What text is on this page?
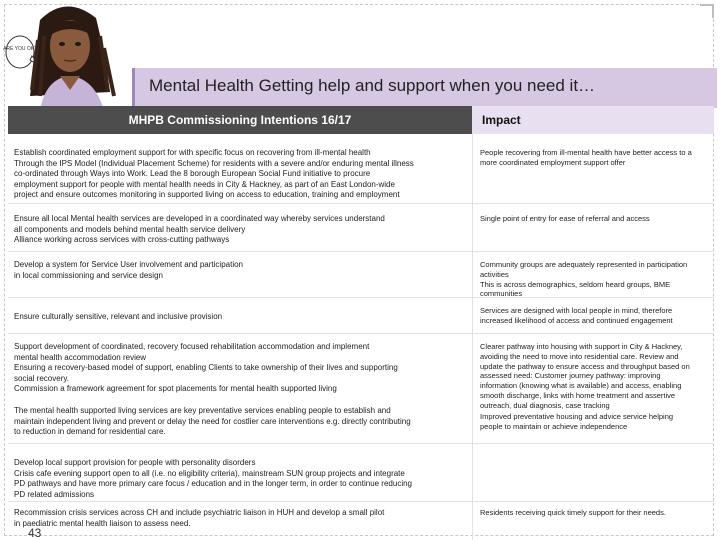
ARE YOU OK?
Mental Health Getting help and support when you need it…
MHPB Commissioning Intentions 16/17	Impact
Establish coordinated employment support for with specific focus on recovering from ill-mental health
Through the IPS Model (Individual Placement Scheme) for residents with a severe and/or enduring mental illness
co-ordinated through Ways into Work. Lead the 8 borough European Social Fund initiative to procure
employment support for people with mental health needs in City & Hackney, as part of an East London-wide
project and ensure outcomes monitoring in supported living on access to education, training and employment
People recovering from ill-mental health have better access to a
more coordinated employment support offer
Ensure all local Mental health services are developed in a coordinated way whereby services understand
all components and models behind mental health service delivery
Alliance working across services with cross-cutting pathways
Single point of entry for ease of referral and access
Develop a system for Service User involvement and participation
in local commissioning and service design
Community groups are adequately represented in participation
activities
This is across demographics, seldom heard groups, BME
communities
Ensure culturally sensitive, relevant and inclusive provision
Services are designed with local people in mind, therefore
increased likelihood of access and continued engagement
Support development of coordinated, recovery focused rehabilitation accommodation and implement
mental health accommodation review
Ensuring a recovery-based model of support, enabling Clients to take ownership of their lives and supporting
social recovery.
Commission a framework agreement for spot placements for mental health supported living
Clearer pathway into housing with support in City & Hackney,
avoiding the need to move into residential care. Review and
update the pathway to ensure access and throughput based on
assessed need: Customer journey pathway: improving
information (knowing what is available) and access, enabling
smooth discharge, links with home treatment and assertive
outreach, dual diagnosis, case tracking
The mental health supported living services are key preventative services enabling people to establish and
maintain independent living and prevent or delay the need for costlier care interventions e.g. directly contributing
to reduction in demand for residential care.
Improved preventative housing and advice service helping
people to maintain or achieve independence
Develop local support provision for people with personality disorders
Crisis cafe evening support open to all (i.e. no eligibility criteria), mainstream SUN group projects and integrate
PD pathways and have more primary care focus / education and in the longer term, in order to continue reducing
PD related admissions
Recommission crisis services across CH and include psychiatric liaison in HUH and develop a small pilot
in paediatric mental health liaison to assess need.
Residents receiving quick timely support for their needs.
43
